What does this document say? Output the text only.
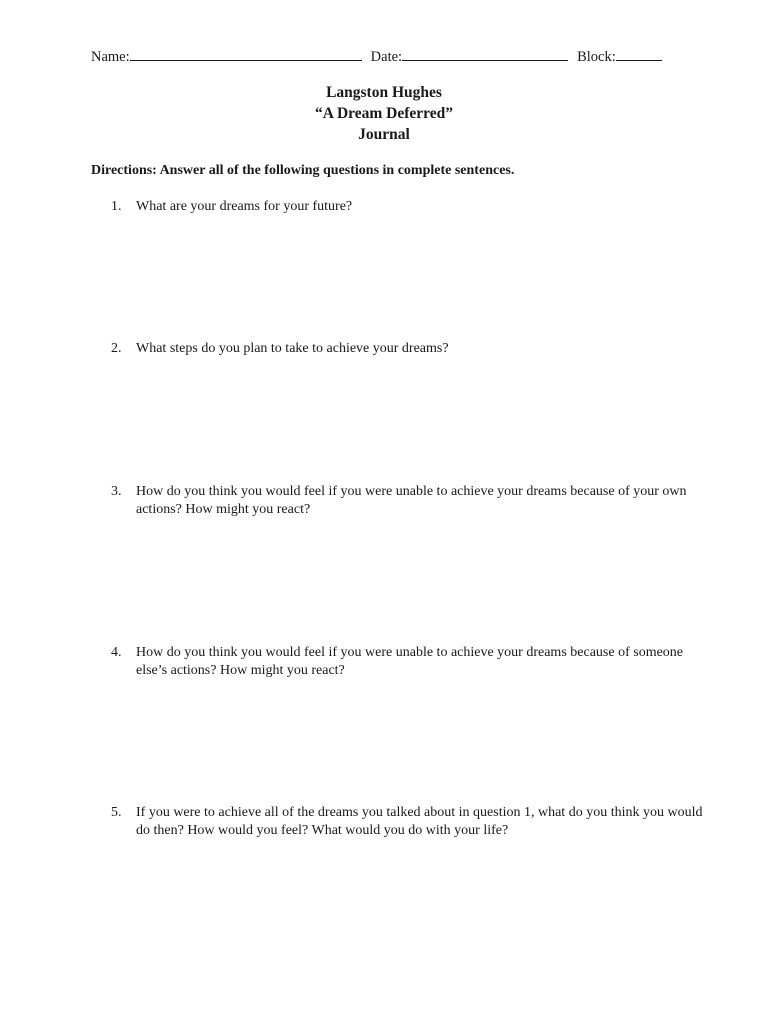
Name:	Date:	Block:
Langston Hughes
“A Dream Deferred”
Journal
Directions: Answer all of the following questions in complete sentences.
1.	What are your dreams for your future?
2.	What steps do you plan to take to achieve your dreams?
3.	How do you think you would feel if you were unable to achieve your dreams because of your own actions? How might you react?
4.	How do you think you would feel if you were unable to achieve your dreams because of someone else’s actions? How might you react?
5.	If you were to achieve all of the dreams you talked about in question 1, what do you think you would do then? How would you feel? What would you do with your life?
